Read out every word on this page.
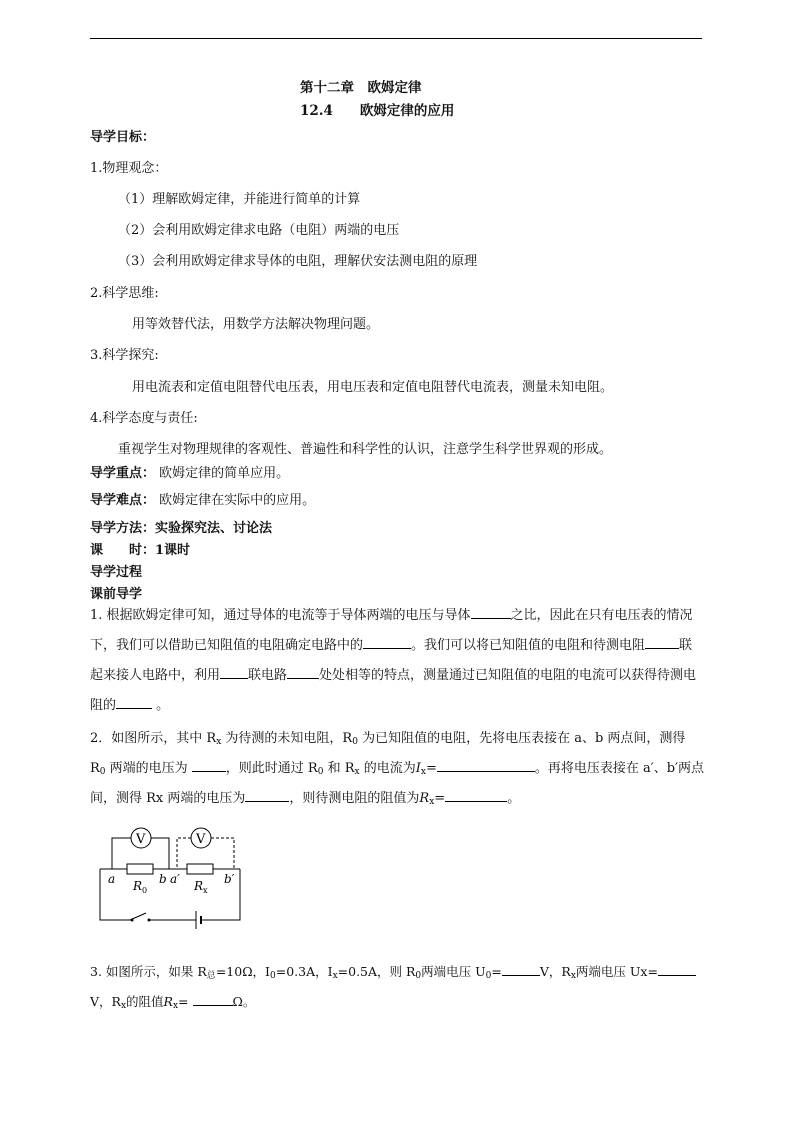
第十二章　欧姆定律
12.4　　欧姆定律的应用
导学目标：
1.物理观念：
（1）理解欧姆定律，并能进行简单的计算
（2）会利用欧姆定律求电路（电阻）两端的电压
（3）会利用欧姆定律求导体的电阻，理解伏安法测电阻的原理
2.科学思维:
用等效替代法，用数学方法解决物理问题。
3.科学探究:
用电流表和定值电阻替代电压表，用电压表和定值电阻替代电流表，测量未知电阻。
4.科学态度与责任:
重视学生对物理规律的客观性、普遍性和科学性的认识，注意学生科学世界观的形成。
导学重点： 欧姆定律的简单应用。
导学难点： 欧姆定律在实际中的应用。
导学方法：实验探究法、讨论法
课　　时：1课时
导学过程
课前导学
1. 根据欧姆定律可知，通过导体的电流等于导体两端的电压与导体	之比，因此在只有电压表的情况下，我们可以借助已知阻值的电阻确定电路中的	。我们可以将已知阻值的电阻和待测电阻	联起来接人电路中，利用 联电路 处处相等的特点，测量通过已知阻值的电阻的电流可以获得待测电阻的	。
2．如图所示，其中 $R_x$ 为待测的未知电阻，$R_0$ 为已知阻值的电阻，先将电压表接在 a、b 两点间，测得 $R_0$ 两端的电压为	，则此时通过 $R_0$ 和 $R_x$ 的电流为$I_x=$	。再将电压表接在 a′、b′两点间，测得 Rx 两端的电压为	，则待测电阻的阻值为$R_x=$	。
V	V
a	b a′	b′
R 0	R x
3. 如图所示，如果 $R_总=10\Omega$，$I_0=0.3A$，$I_x=0.5A$，则 $R_0$两端电压 $U_0=$	V，$R_x$两端电压 Ux=V，$R_x$的阻值$R_x=$	Ω。
